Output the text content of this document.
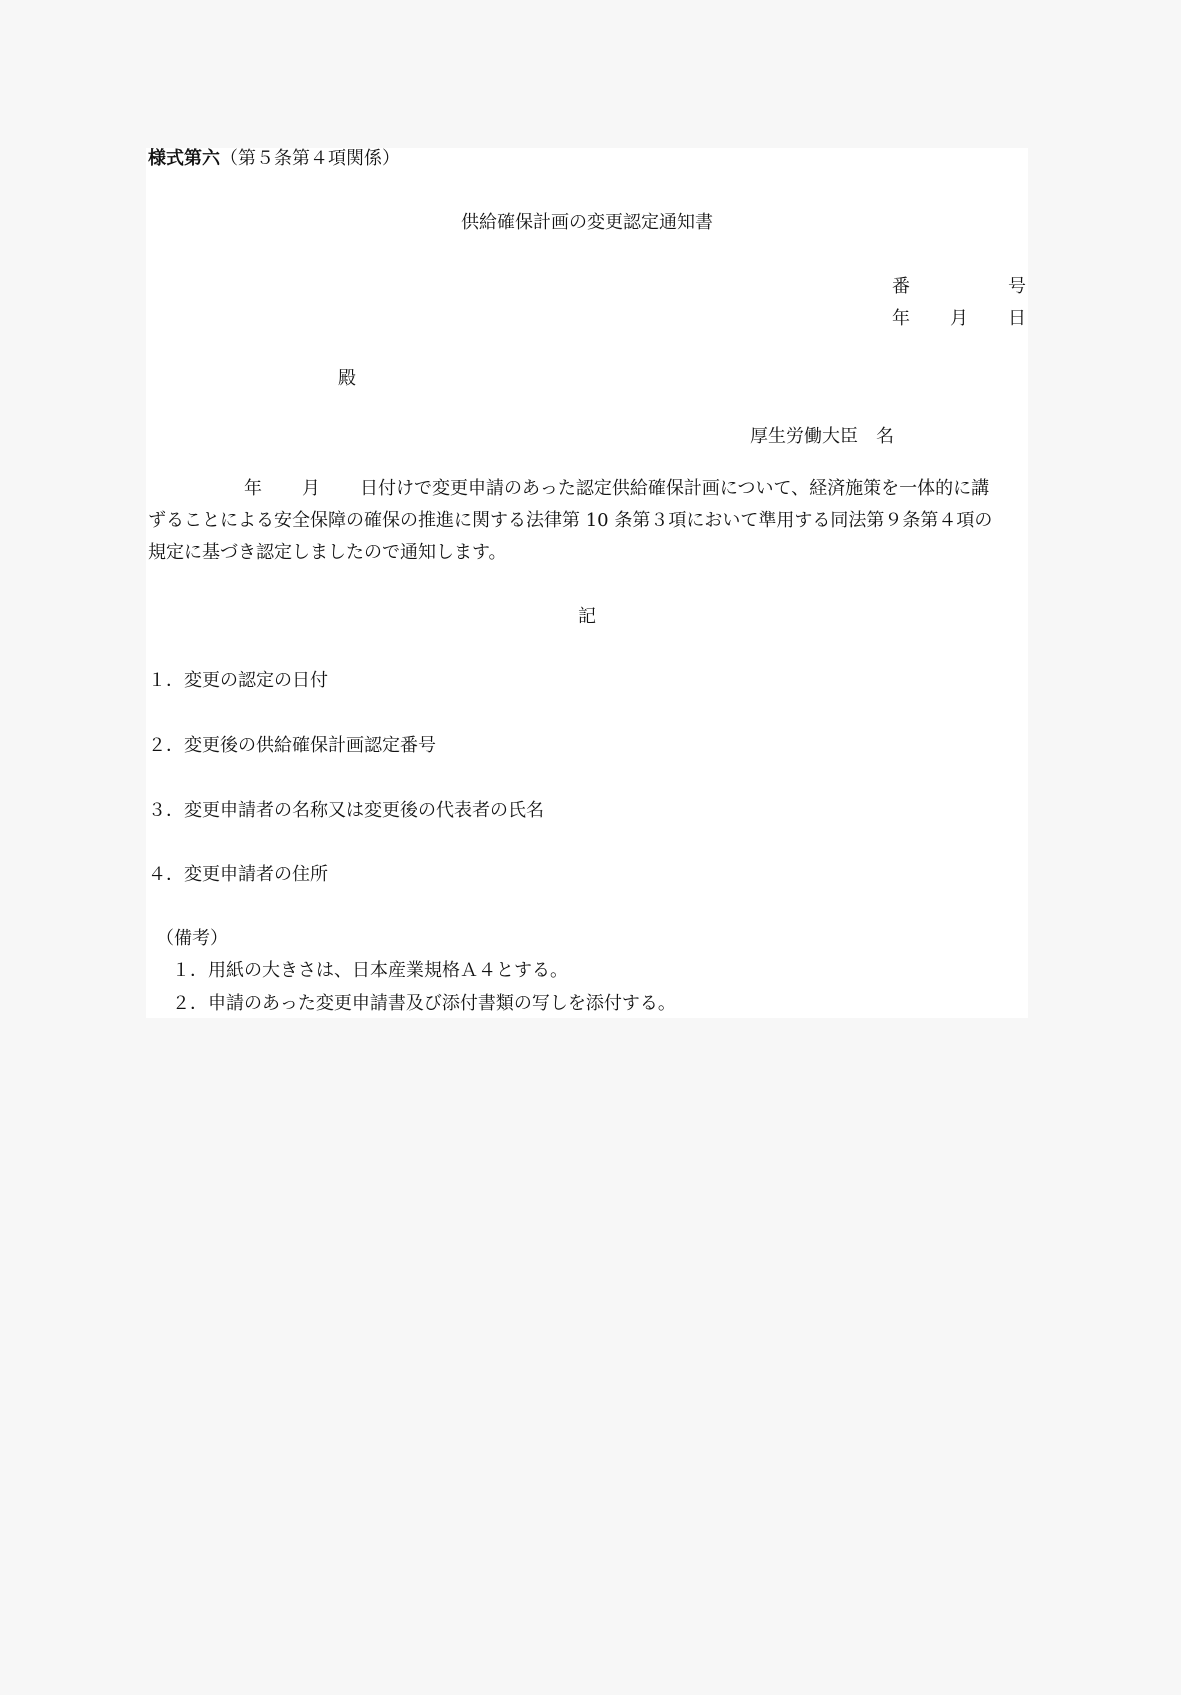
様式第六（第５条第４項関係）
供給確保計画の変更認定通知書
番	号
年 月 日
殿
厚生労働大臣　名
年 月 日付けで変更申請のあった認定供給確保計画について、経済施策を一体的に講
ずることによる安全保障の確保の推進に関する法律第 10 条第３項において準用する同法第９条第４項の
規定に基づき認定しましたので通知します。
記
１．変更の認定の日付
２．変更後の供給確保計画認定番号
３．変更申請者の名称又は変更後の代表者の氏名
４．変更申請者の住所
（備考）
１．用紙の大きさは、日本産業規格Ａ４とする。
２．申請のあった変更申請書及び添付書類の写しを添付する。
